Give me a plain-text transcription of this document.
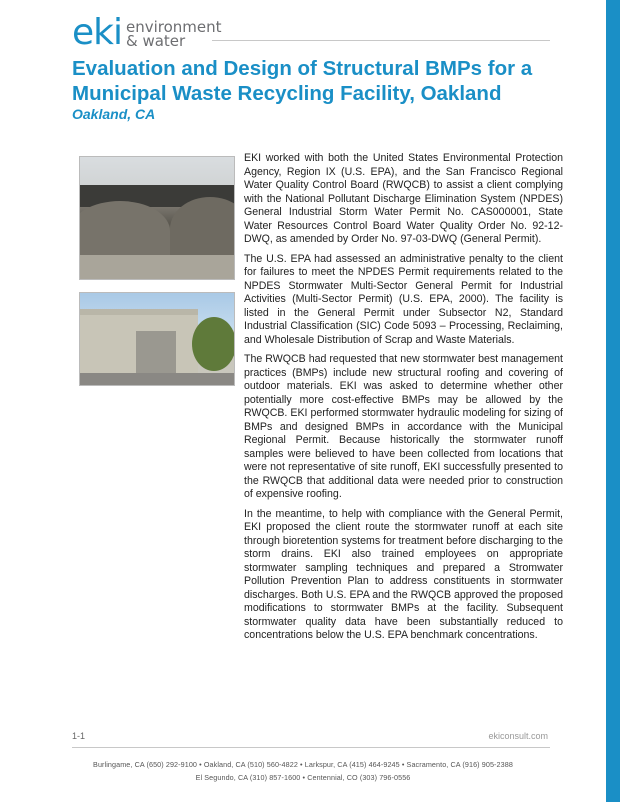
eki environment
& water
Evaluation and Design of Structural BMPs for a Municipal Waste Recycling Facility, Oakland
Oakland, CA

EKI worked with both the United States Environmental Protection Agency, Region IX (U.S. EPA), and the San Francisco Regional Water Quality Control Board (RWQCB) to assist a client complying with the National Pollutant Discharge Elimination System (NPDES) General Industrial Storm Water Permit No. CAS000001, State Water Resources Control Board Water Quality Order No. 92-12-DWQ, as amended by Order No. 97-03-DWQ (General Permit).

The U.S. EPA had assessed an administrative penalty to the client for failures to meet the NPDES Permit requirements related to the NPDES Stormwater Multi-Sector General Permit for Industrial Activities (Multi-Sector Permit) (U.S. EPA, 2000). The facility is listed in the General Permit under Subsector N2, Standard Industrial Classification (SIC) Code 5093 – Processing, Reclaiming, and Wholesale Distribution of Scrap and Waste Materials.

The RWQCB had requested that new stormwater best management practices (BMPs) include new structural roofing and covering of outdoor materials. EKI was asked to determine whether other potentially more cost-effective BMPs may be allowed by the RWQCB. EKI performed stormwater hydraulic modeling for sizing of BMPs and designed BMPs in accordance with the Municipal Regional Permit. Because historically the stormwater runoff samples were believed to have been collected from locations that were not representative of site runoff, EKI successfully presented to the RWQCB that additional data were needed prior to construction of expensive roofing.

In the meantime, to help with compliance with the General Permit, EKI proposed the client route the stormwater runoff at each site through bioretention systems for treatment before discharging to the storm drains. EKI also trained employees on appropriate stormwater sampling techniques and prepared a Stromwater Pollution Prevention Plan to address constituents in stormwater discharges. Both U.S. EPA and the RWQCB approved the proposed modifications to stormwater BMPs at the facility. Subsequent stormwater quality data have been substantially reduced to concentrations below the U.S. EPA benchmark concentrations.

1-1	ekiconsult.com
Burlingame, CA (650) 292-9100 • Oakland, CA (510) 560-4822 • Larkspur, CA (415) 464-9245 • Sacramento, CA (916) 905-2388
El Segundo, CA (310) 857-1600 • Centennial, CO (303) 796-0556
